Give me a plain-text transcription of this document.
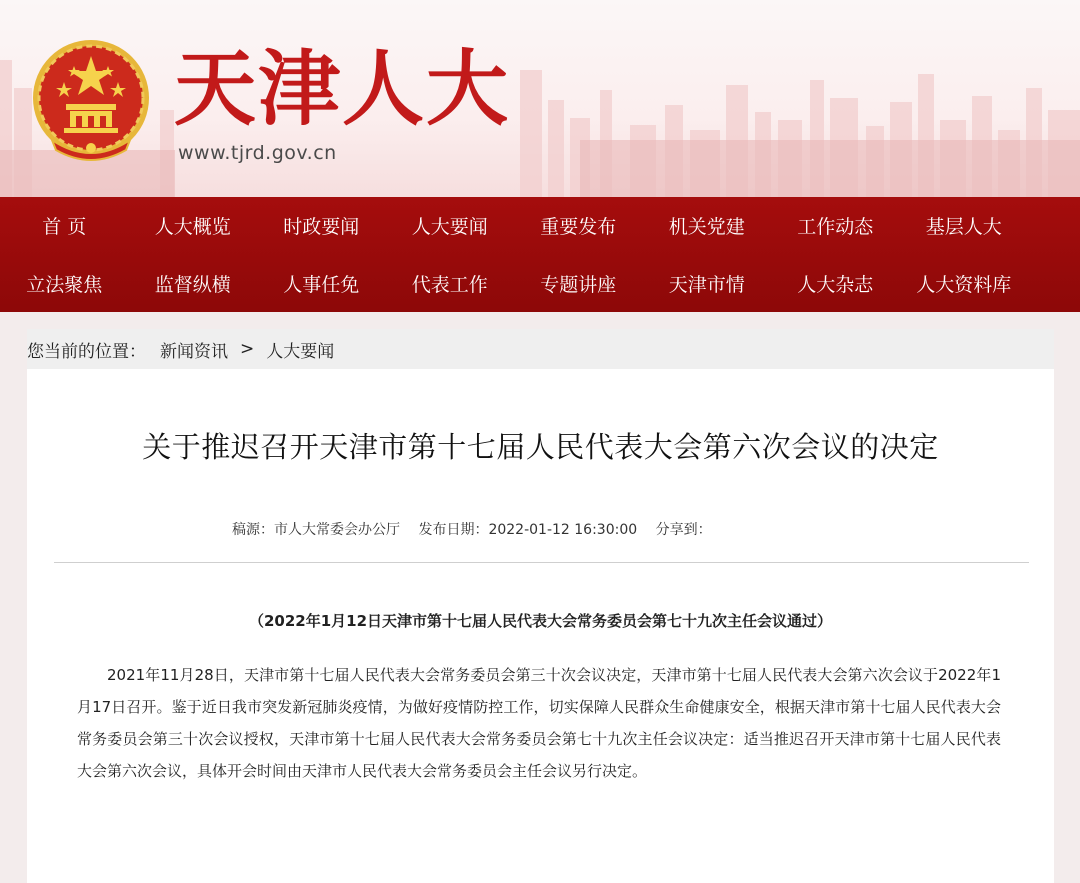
天津人大
www.tjrd.gov.cn
首 页	人大概览	时政要闻	人大要闻	重要发布	机关党建	工作动态	基层人大
立法聚焦	监督纵横	人事任免	代表工作	专题讲座	天津市情	人大杂志	人大资料库
您当前的位置： 新闻资讯 > 人大要闻
关于推迟召开天津市第十七届人民代表大会第六次会议的决定
稿源：市人大常委会办公厅 发布日期：2022-01-12 16:30:00 分享到：
（2022年1月12日天津市第十七届人民代表大会常务委员会第七十九次主任会议通过）

2021年11月28日，天津市第十七届人民代表大会常务委员会第三十次会议决定，天津市第十七届人民代表大会第六次会议于2022年1月17日召开。鉴于近日我市突发新冠肺炎疫情，为做好疫情防控工作，切实保障人民群众生命健康安全，根据天津市第十七届人民代表大会常务委员会第三十次会议授权，天津市第十七届人民代表大会常务委员会第七十九次主任会议决定：适当推迟召开天津市第十七届人民代表大会第六次会议，具体开会时间由天津市人民代表大会常务委员会主任会议另行决定。
